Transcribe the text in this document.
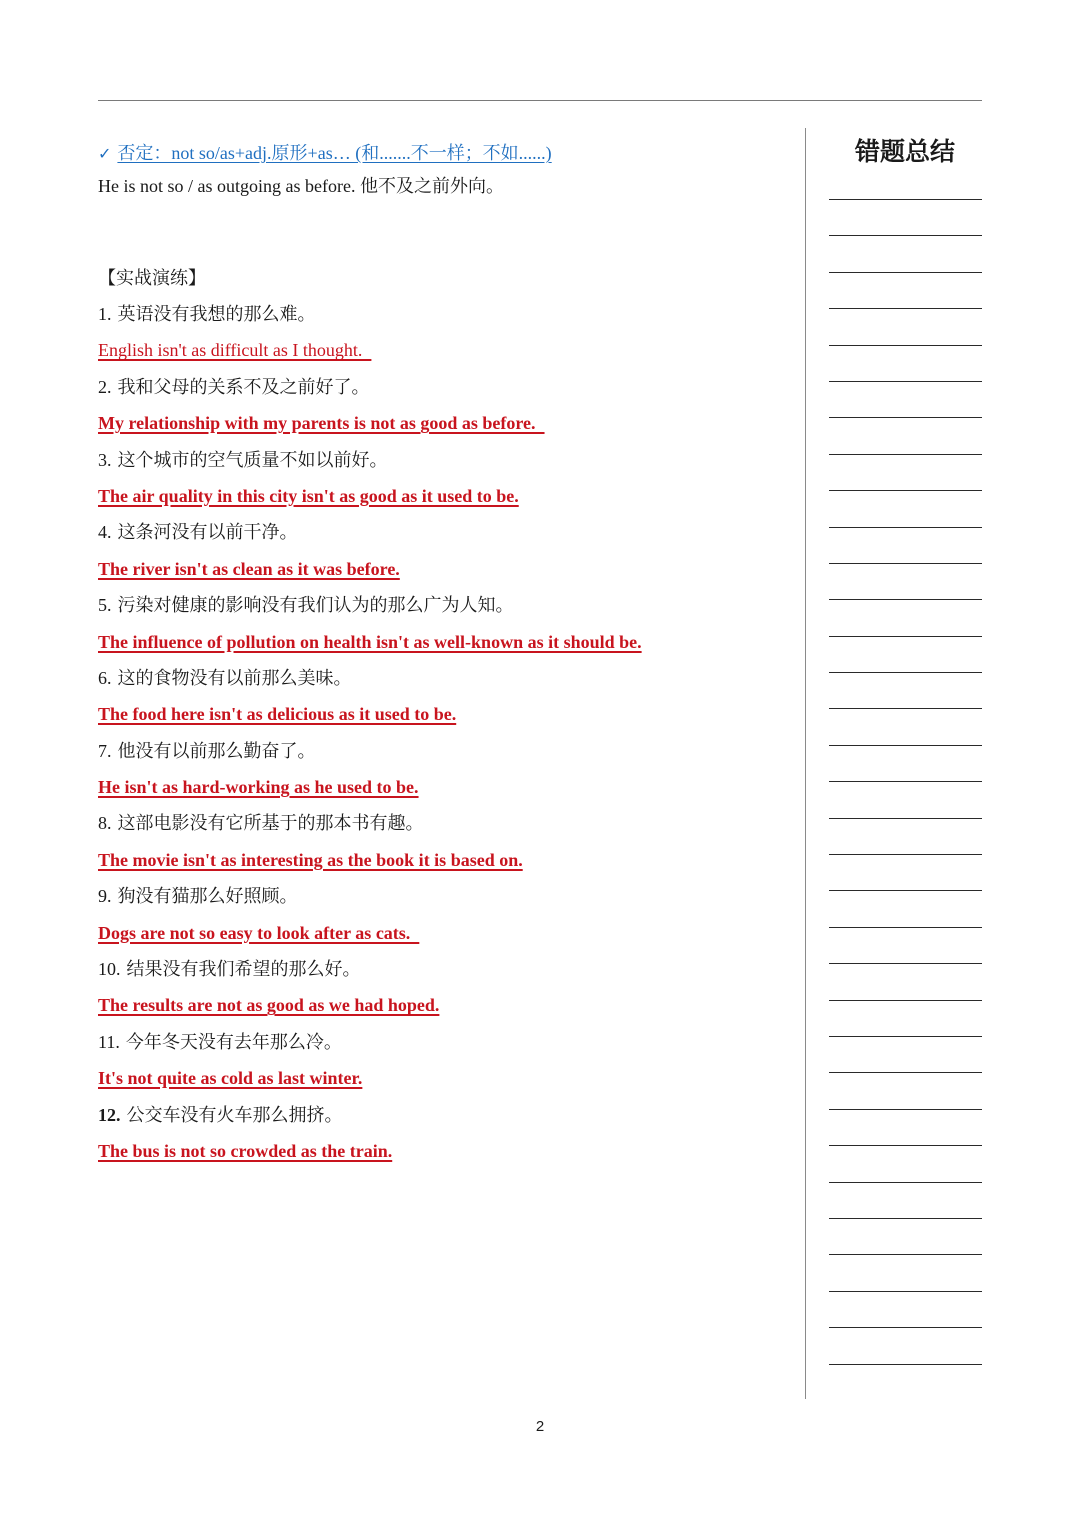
✓ 否定：not so/as+adj.原形+as… (和.......不一样；不如......)
He is not so / as outgoing as before. 他不及之前外向。
【实战演练】
1. 英语没有我想的那么难。
English isn't as difficult as I thought.
2. 我和父母的关系不及之前好了。
My relationship with my parents is not as good as before.
3. 这个城市的空气质量不如以前好。
The air quality in this city isn't as good as it used to be.
4. 这条河没有以前干净。
The river isn't as clean as it was before.
5. 污染对健康的影响没有我们认为的那么广为人知。
The influence of pollution on health isn't as well-known as it should be.
6. 这的食物没有以前那么美味。
The food here isn't as delicious as it used to be.
7. 他没有以前那么勤奋了。
He isn't as hard-working as he used to be.
8. 这部电影没有它所基于的那本书有趣。
The movie isn't as interesting as the book it is based on.
9. 狗没有猫那么好照顾。
Dogs are not so easy to look after as cats.
10. 结果没有我们希望的那么好。
The results are not as good as we had hoped.
11. 今年冬天没有去年那么冷。
It's not quite as cold as last winter.
12. 公交车没有火车那么拥挤。
The bus is not so crowded as the train.
错题总结
2
